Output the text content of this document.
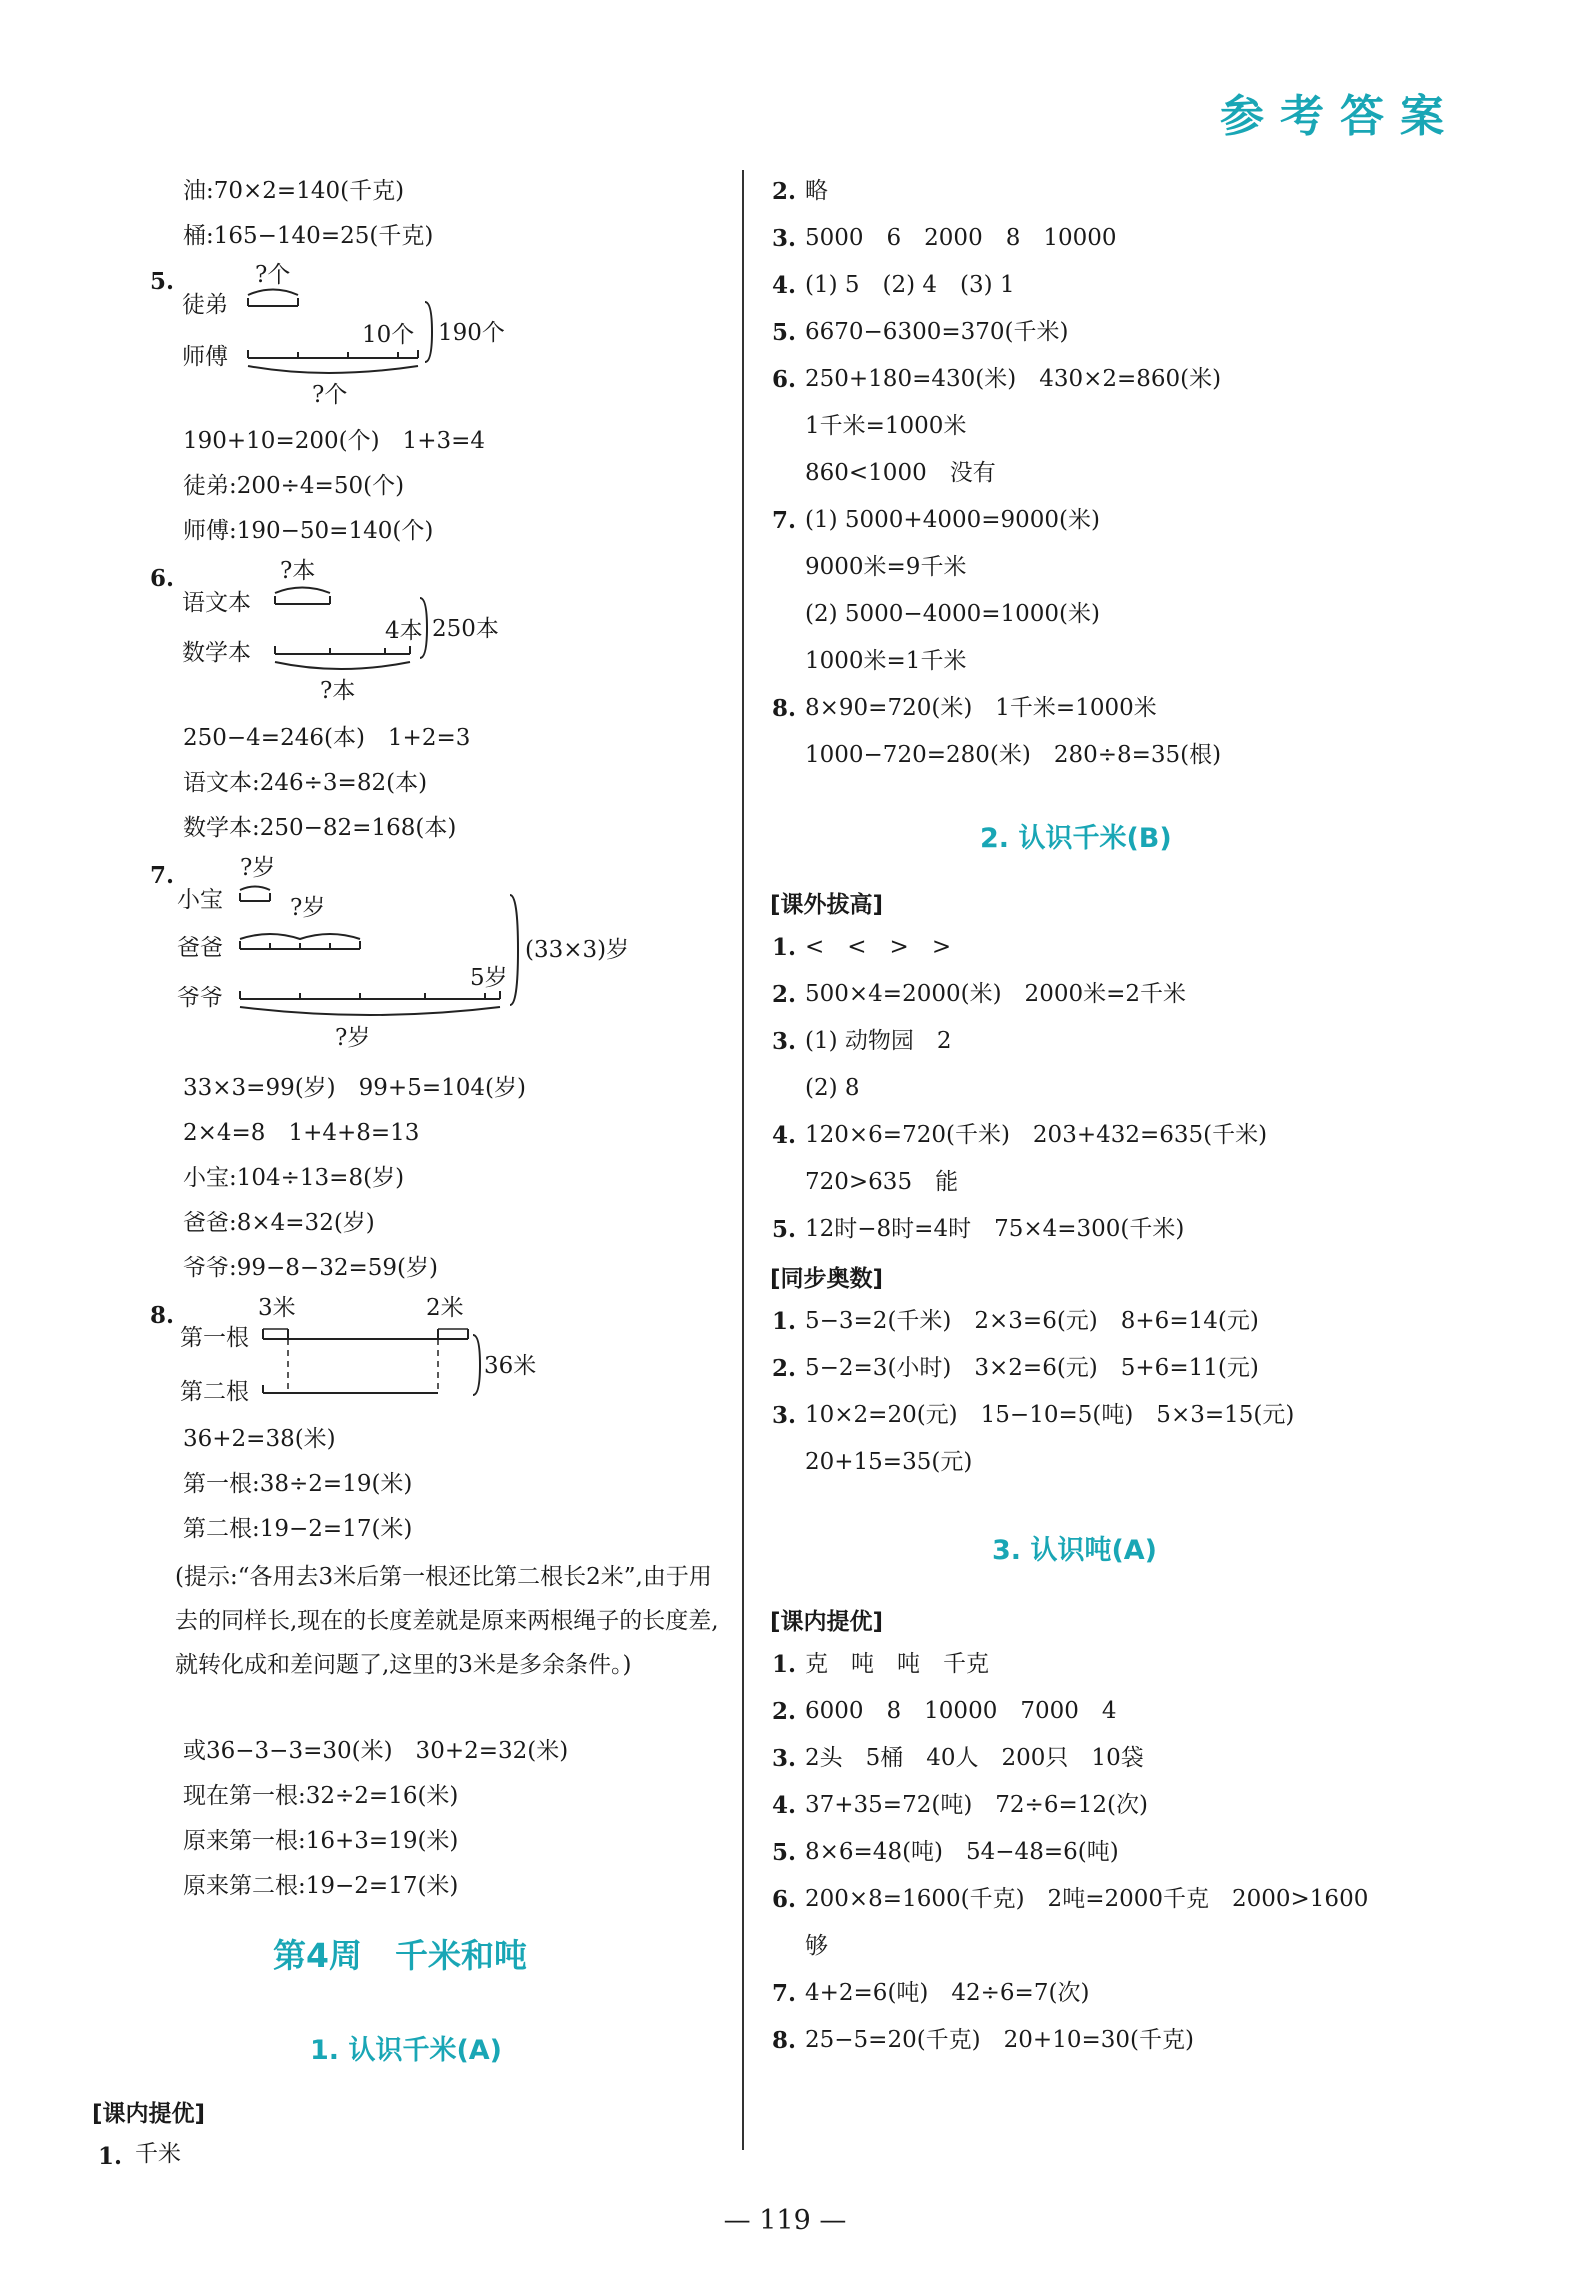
参考答案
油:70×2=140(千克)
桶:165−140=25(千克)
5.	?个
徒弟
10个
师傅
?个
190个
190+10=200(个)　1+3=4
徒弟:200÷4=50(个)
师傅:190−50=140(个)
6.	?本
语文本
4本
数学本
?本
250本
250−4=246(本)　1+2=3
语文本:246÷3=82(本)
数学本:250−82=168(本)
7.	?岁
小宝	?岁
爸爸
5岁
爷爷
?岁
(33×3)岁
33×3=99(岁)　99+5=104(岁)
2×4=8　1+4+8=13
小宝:104÷13=8(岁)
爸爸:8×4=32(岁)
爷爷:99−8−32=59(岁)
8.	3米	2米
第一根
第二根
36米
36+2=38(米)
第一根:38÷2=19(米)
第二根:19−2=17(米)
(提示:“各用去3米后第一根还比第二根长2米”,由于用去的同样长,现在的长度差就是原来两根绳子的长度差,就转化成和差问题了,这里的3米是多余条件。)
或36−3−3=30(米)　30+2=32(米)
现在第一根:32÷2=16(米)
原来第一根:16+3=19(米)
原来第二根:19−2=17(米)
第4周　千米和吨
1. 认识千米(A)
[课内提优]
1. 千米
2. 略
3. 5000　6　2000　8　10000
4. (1) 5　(2) 4　(3) 1
5. 6670−6300=370(千米)
6. 250+180=430(米)　430×2=860(米)
1千米=1000米
860<1000　没有
7. (1) 5000+4000=9000(米)
9000米=9千米
(2) 5000−4000=1000(米)
1000米=1千米
8. 8×90=720(米)　1千米=1000米
1000−720=280(米)　280÷8=35(根)
2. 认识千米(B)
[课外拔高]
1. <　<　>　>
2. 500×4=2000(米)　2000米=2千米
3. (1) 动物园　2
(2) 8
4. 120×6=720(千米)　203+432=635(千米)
720>635　能
5. 12时−8时=4时　75×4=300(千米)
[同步奥数]
1. 5−3=2(千米)　2×3=6(元)　8+6=14(元)
2. 5−2=3(小时)　3×2=6(元)　5+6=11(元)
3. 10×2=20(元)　15−10=5(吨)　5×3=15(元)
20+15=35(元)
3. 认识吨(A)
[课内提优]
1. 克　吨　吨　千克
2. 6000　8　10000　7000　4
3. 2头　5桶　40人　200只　10袋
4. 37+35=72(吨)　72÷6=12(次)
5. 8×6=48(吨)　54−48=6(吨)
6. 200×8=1600(千克)　2吨=2000千克　2000>1600
够
7. 4+2=6(吨)　42÷6=7(次)
8. 25−5=20(千克)　20+10=30(千克)
— 119 —
